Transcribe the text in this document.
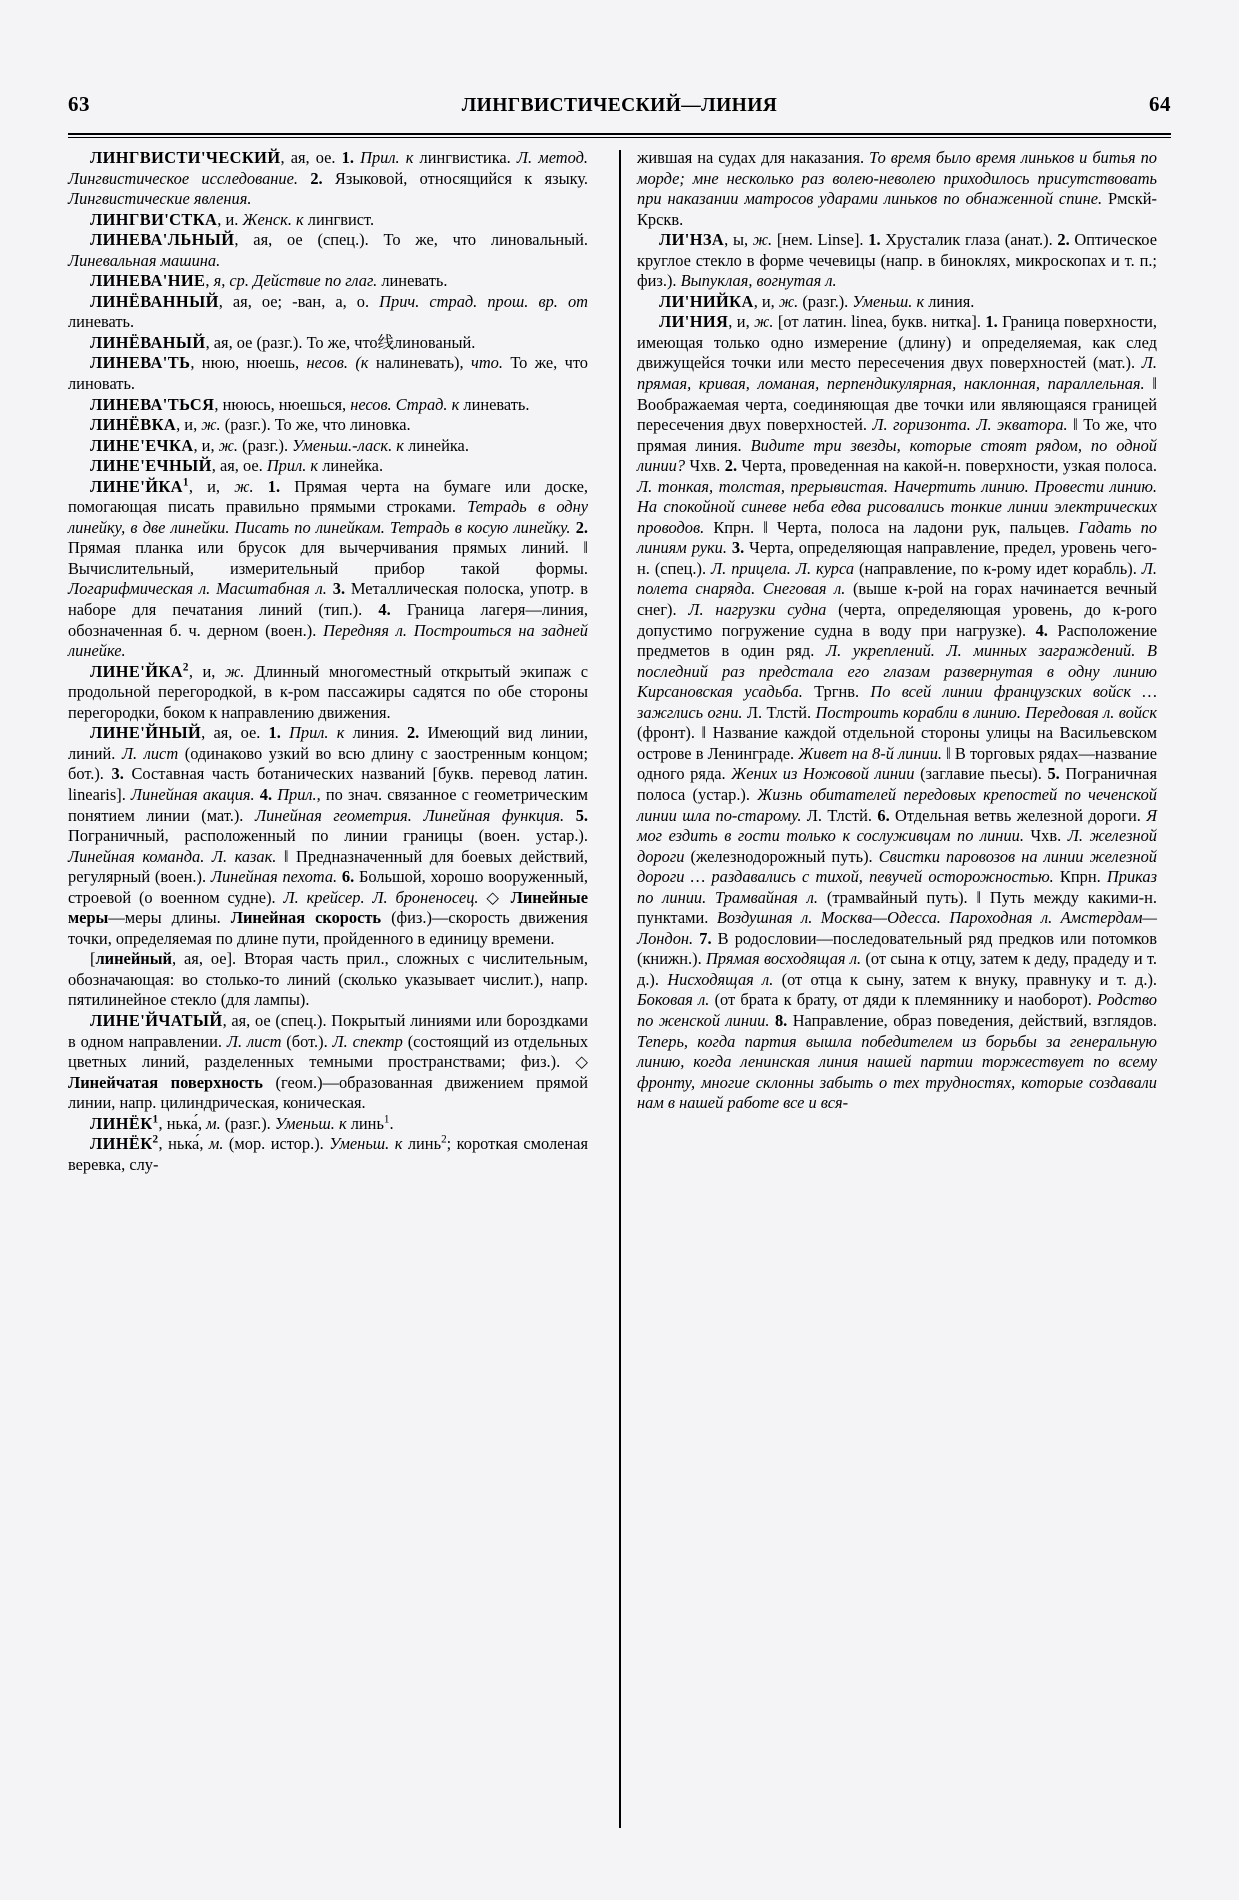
63	ЛИНГВИСТИЧЕСКИЙ—ЛИНИЯ	64

ЛИНГВИСТИ'ЧЕСКИЙ, ая, ое. 1. Прил. к лингвистика. Л. метод. Лингвистическое исследование. 2. Языковой, относящийся к языку. Лингвистические явления.

ЛИНГВИ'СТКА, и. Женск. к лингвист.

ЛИНЕВА'ЛЬНЫЙ, ая, ое (спец.). То же, что линовальный. Линевальная машина.

ЛИНЕВА'НИЕ, я, ср. Действие по глаг. линевать.

ЛИНЁВАННЫЙ, ая, ое; -ван, а, о. Прич. страд. прош. вр. от линевать.

ЛИНЁВАНЫЙ, ая, ое (разг.). То же, что线линованый.

ЛИНЕВА'ТЬ, нюю, нюешь, несов. (к налиневать), что. То же, что линовать.

ЛИНЕВА'ТЬСЯ, нююсь, нюешься, несов. Страд. к линевать.

ЛИНЁВКА, и, ж. (разг.). То же, что линовка.

ЛИНЕ'ЕЧКА, и, ж. (разг.). Уменьш.-ласк. к линейка.

ЛИНЕ'ЕЧНЫЙ, ая, ое. Прил. к линейка.

ЛИНЕ'ЙКА$^1$, и, ж. 1. Прямая черта на бумаге или доске, помогающая писать правильно прямыми строками. Тетрадь в одну линейку, в две линейки. Писать по линейкам. Тетрадь в косую линейку. 2. Прямая планка или брусок для вычерчивания прямых линий. ‖ Вычислительный, измерительный прибор такой формы. Логарифмическая л. Масштабная л. 3. Металлическая полоска, употр. в наборе для печатания линий (тип.). 4. Граница лагеря—линия, обозначенная б. ч. дерном (воен.). Передняя л. Построиться на задней линейке.

ЛИНЕ'ЙКА$^2$, и, ж. Длинный многоместный открытый экипаж с продольной перегородкой, в к-ром пассажиры садятся по обе стороны перегородки, боком к направлению движения.

ЛИНЕ'ЙНЫЙ, ая, ое. 1. Прил. к линия. 2. Имеющий вид линии, линий. Л. лист (одинаково узкий во всю длину с заостренным концом; бот.). 3. Составная часть ботанических названий [букв. перевод латин. linearis]. Линейная акация. 4. Прил., по знач. связанное с геометрическим понятием линии (мат.). Линейная геометрия. Линейная функция. 5. Пограничный, расположенный по линии границы (воен. устар.). Линейная команда. Л. казак. ‖ Предназначенный для боевых действий, регулярный (воен.). Линейная пехота. 6. Большой, хорошо вооруженный, строевой (о военном судне). Л. крейсер. Л. броненосец. ◇ Линейные меры—меры длины. Линейная скорость (физ.)—скорость движения точки, определяемая по длине пути, пройденного в единицу времени.

[линейный, ая, ое]. Вторая часть прил., сложных с числительным, обозначающая: во столько-то линий (сколько указывает числит.), напр. пятилинейное стекло (для лампы).

ЛИНЕ'ЙЧАТЫЙ, ая, ое (спец.). Покрытый линиями или бороздками в одном направлении. Л. лист (бот.). Л. спектр (состоящий из отдельных цветных линий, разделенных темными пространствами; физ.). ◇ Линейчатая поверхность (геом.)—образованная движением прямой линии, напр. цилиндрическая, коническая.

ЛИНЁК$^1$, нька́, м. (разг.). Уменьш. к линь$^1$.

ЛИНЁК$^2$, нька́, м. (мор. истор.). Уменьш. к линь$^2$; короткая смоленая веревка, слу-

жившая на судах для наказания. То время было время линьков и битья по морде; мне несколько раз волею-неволею приходилось присутствовать при наказании матросов ударами линьков по обнаженной спине. Рмскй-Крскв.

ЛИ'НЗА, ы, ж. [нем. Linse]. 1. Хрусталик глаза (анат.). 2. Оптическое круглое стекло в форме чечевицы (напр. в биноклях, микроскопах и т. п.; физ.). Выпуклая, вогнутая л.

ЛИ'НИЙКА, и, ж. (разг.). Уменьш. к линия.

ЛИ'НИЯ, и, ж. [от латин. linea, букв. нитка]. 1. Граница поверхности, имеющая только одно измерение (длину) и определяемая, как след движущейся точки или место пересечения двух поверхностей (мат.). Л. прямая, кривая, ломаная, перпендикулярная, наклонная, параллельная. ‖ Воображаемая черта, соединяющая две точки или являющаяся границей пересечения двух поверхностей. Л. горизонта. Л. экватора. ‖ То же, что прямая линия. Видите три звезды, которые стоят рядом, по одной линии? Чхв. 2. Черта, проведенная на какой-н. поверхности, узкая полоса. Л. тонкая, толстая, прерывистая. Начертить линию. Провести линию. На спокойной синеве неба едва рисовались тонкие линии электрических проводов. Кпрн. ‖ Черта, полоса на ладони рук, пальцев. Гадать по линиям руки. 3. Черта, определяющая направление, предел, уровень чего-н. (спец.). Л. прицела. Л. курса (направление, по к-рому идет корабль). Л. полета снаряда. Снеговая л. (выше к-рой на горах начинается вечный снег). Л. нагрузки судна (черта, определяющая уровень, до к-рого допустимо погружение судна в воду при нагрузке). 4. Расположение предметов в один ряд. Л. укреплений. Л. минных заграждений. В последний раз предстала его глазам развернутая в одну линию Кирсановская усадьба. Тргнв. По всей линии французских войск … зажглись огни. Л. Тлстй. Построить корабли в линию. Передовая л. войск (фронт). ‖ Название каждой отдельной стороны улицы на Васильевском острове в Ленинграде. Живет на 8-й линии. ‖ В торговых рядах—название одного ряда. Жених из Ножовой линии (заглавие пьесы). 5. Пограничная полоса (устар.). Жизнь обитателей передовых крепостей по чеченской линии шла по-старому. Л. Тлстй. 6. Отдельная ветвь железной дороги. Я мог ездить в гости только к сослуживцам по линии. Чхв. Л. железной дороги (железнодорожный путь). Свистки паровозов на линии железной дороги … раздавались с тихой, певучей осторожностью. Кпрн. Приказ по линии. Трамвайная л. (трамвайный путь). ‖ Путь между какими-н. пунктами. Воздушная л. Москва—Одесса. Пароходная л. Амстердам—Лондон. 7. В родословии—последовательный ряд предков или потомков (книжн.). Прямая восходящая л. (от сына к отцу, затем к деду, прадеду и т. д.). Нисходящая л. (от отца к сыну, затем к внуку, правнуку и т. д.). Боковая л. (от брата к брату, от дяди к племяннику и наоборот). Родство по женской линии. 8. Направление, образ поведения, действий, взглядов. Теперь, когда партия вышла победителем из борьбы за генеральную линию, когда ленинская линия нашей партии торжествует по всему фронту, многие склонны забыть о тех трудностях, которые создавали нам в нашей работе все и вся-
